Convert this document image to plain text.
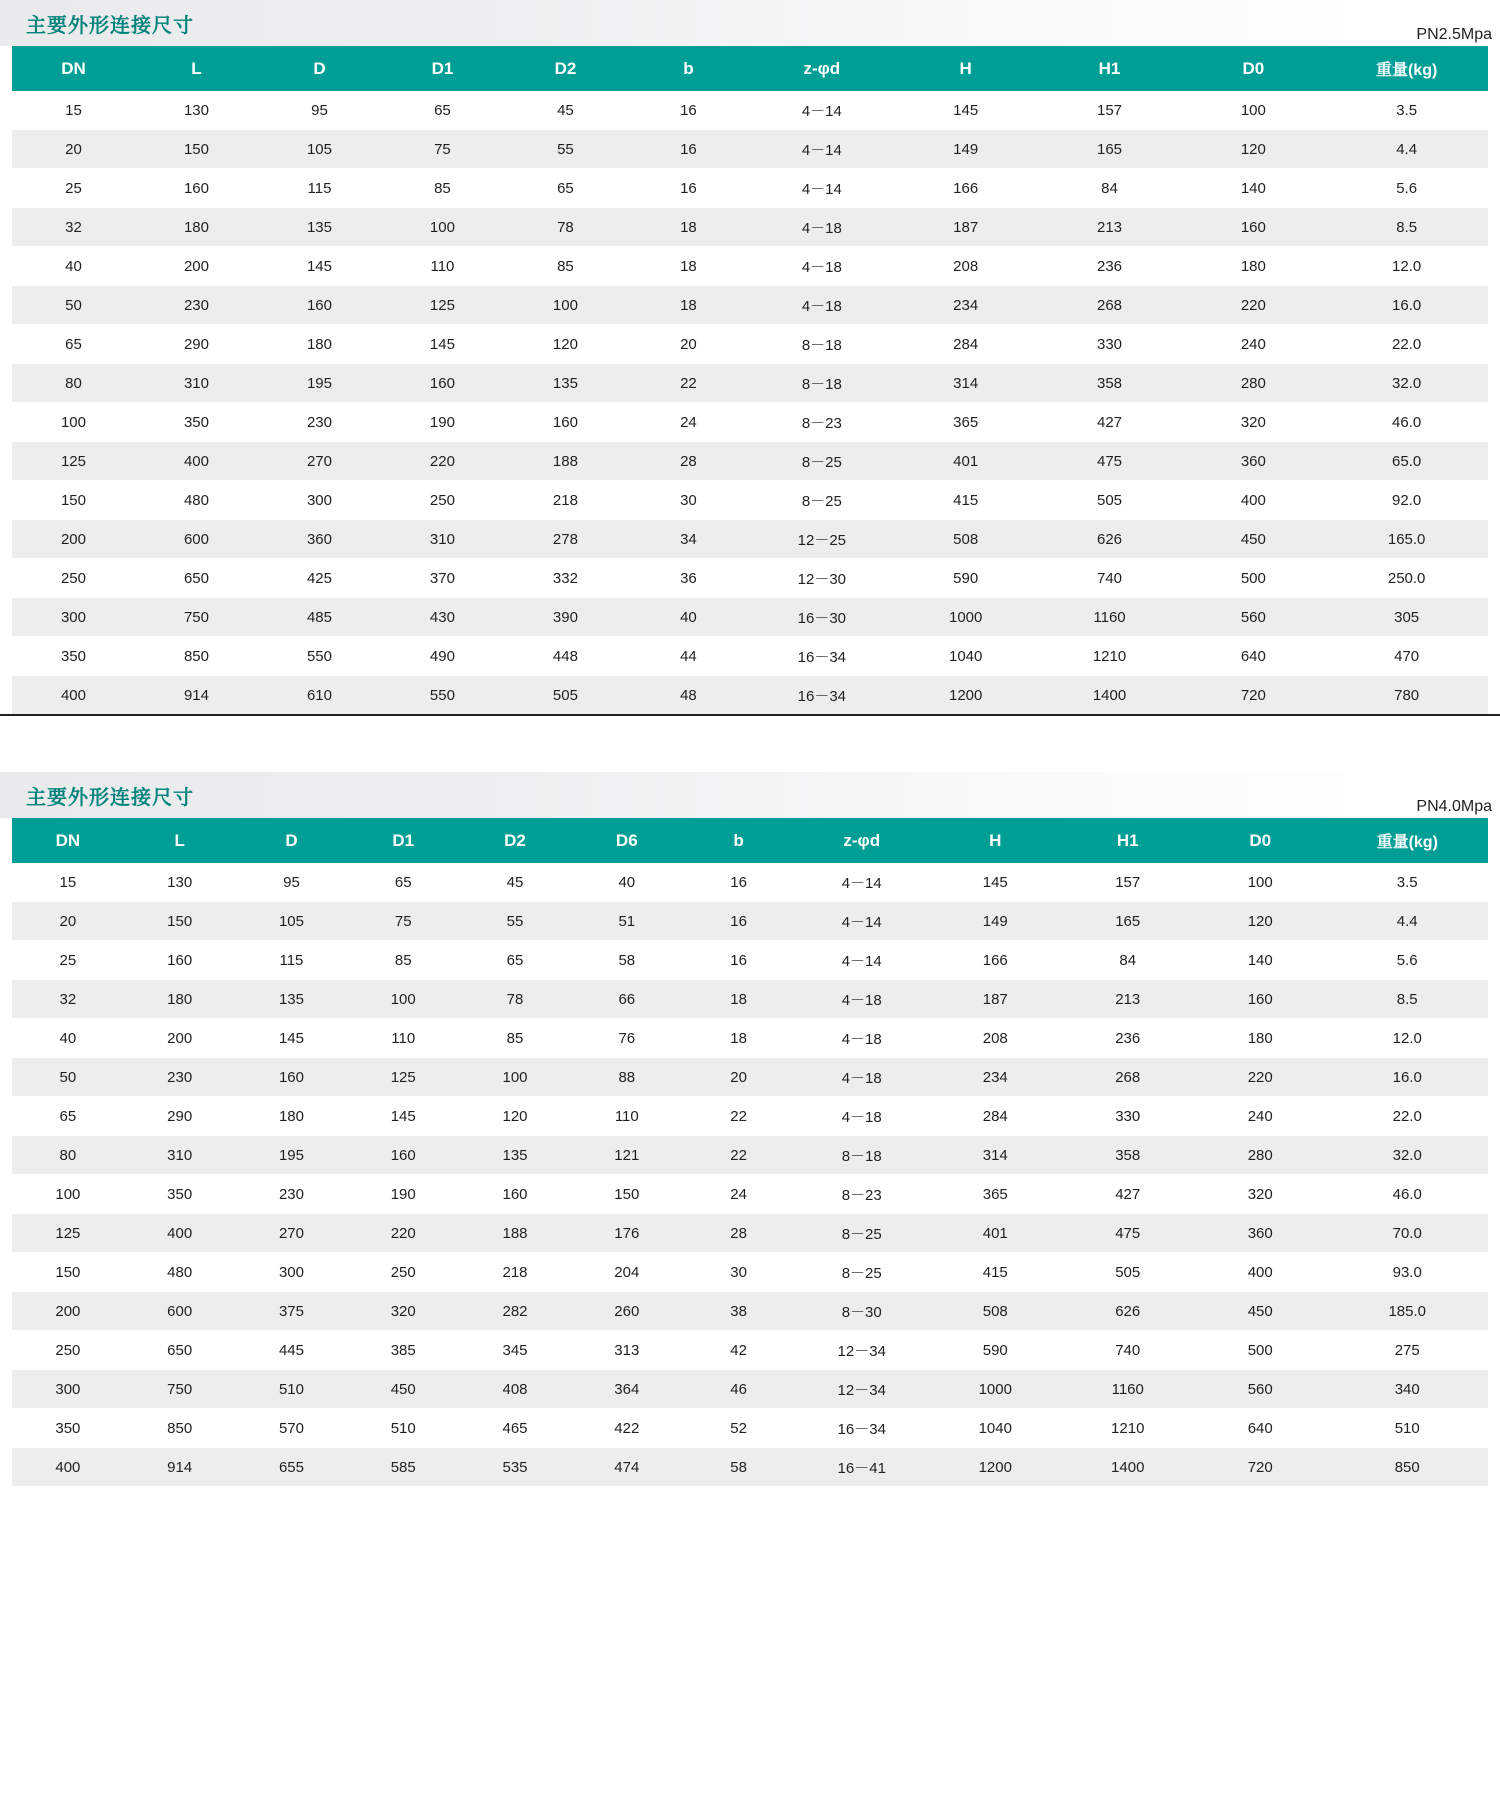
主要外形连接尺寸	PN2.5Mpa
DN	L	D	D1	D2	b	z-φd	H	H1	D0	重量(kg)
15	130	95	65	45	16	4－14	145	157	100	3.5
20	150	105	75	55	16	4－14	149	165	120	4.4
25	160	115	85	65	16	4－14	166	84	140	5.6
32	180	135	100	78	18	4－18	187	213	160	8.5
40	200	145	110	85	18	4－18	208	236	180	12.0
50	230	160	125	100	18	4－18	234	268	220	16.0
65	290	180	145	120	20	8－18	284	330	240	22.0
80	310	195	160	135	22	8－18	314	358	280	32.0
100	350	230	190	160	24	8－23	365	427	320	46.0
125	400	270	220	188	28	8－25	401	475	360	65.0
150	480	300	250	218	30	8－25	415	505	400	92.0
200	600	360	310	278	34	12－25	508	626	450	165.0
250	650	425	370	332	36	12－30	590	740	500	250.0
300	750	485	430	390	40	16－30	1000	1160	560	305
350	850	550	490	448	44	16－34	1040	1210	640	470
400	914	610	550	505	48	16－34	1200	1400	720	780
主要外形连接尺寸	PN4.0Mpa
DN	L	D	D1	D2	D6	b	z-φd	H	H1	D0	重量(kg)
15	130	95	65	45	40	16	4－14	145	157	100	3.5
20	150	105	75	55	51	16	4－14	149	165	120	4.4
25	160	115	85	65	58	16	4－14	166	84	140	5.6
32	180	135	100	78	66	18	4－18	187	213	160	8.5
40	200	145	110	85	76	18	4－18	208	236	180	12.0
50	230	160	125	100	88	20	4－18	234	268	220	16.0
65	290	180	145	120	110	22	4－18	284	330	240	22.0
80	310	195	160	135	121	22	8－18	314	358	280	32.0
100	350	230	190	160	150	24	8－23	365	427	320	46.0
125	400	270	220	188	176	28	8－25	401	475	360	70.0
150	480	300	250	218	204	30	8－25	415	505	400	93.0
200	600	375	320	282	260	38	8－30	508	626	450	185.0
250	650	445	385	345	313	42	12－34	590	740	500	275
300	750	510	450	408	364	46	12－34	1000	1160	560	340
350	850	570	510	465	422	52	16－34	1040	1210	640	510
400	914	655	585	535	474	58	16－41	1200	1400	720	850
